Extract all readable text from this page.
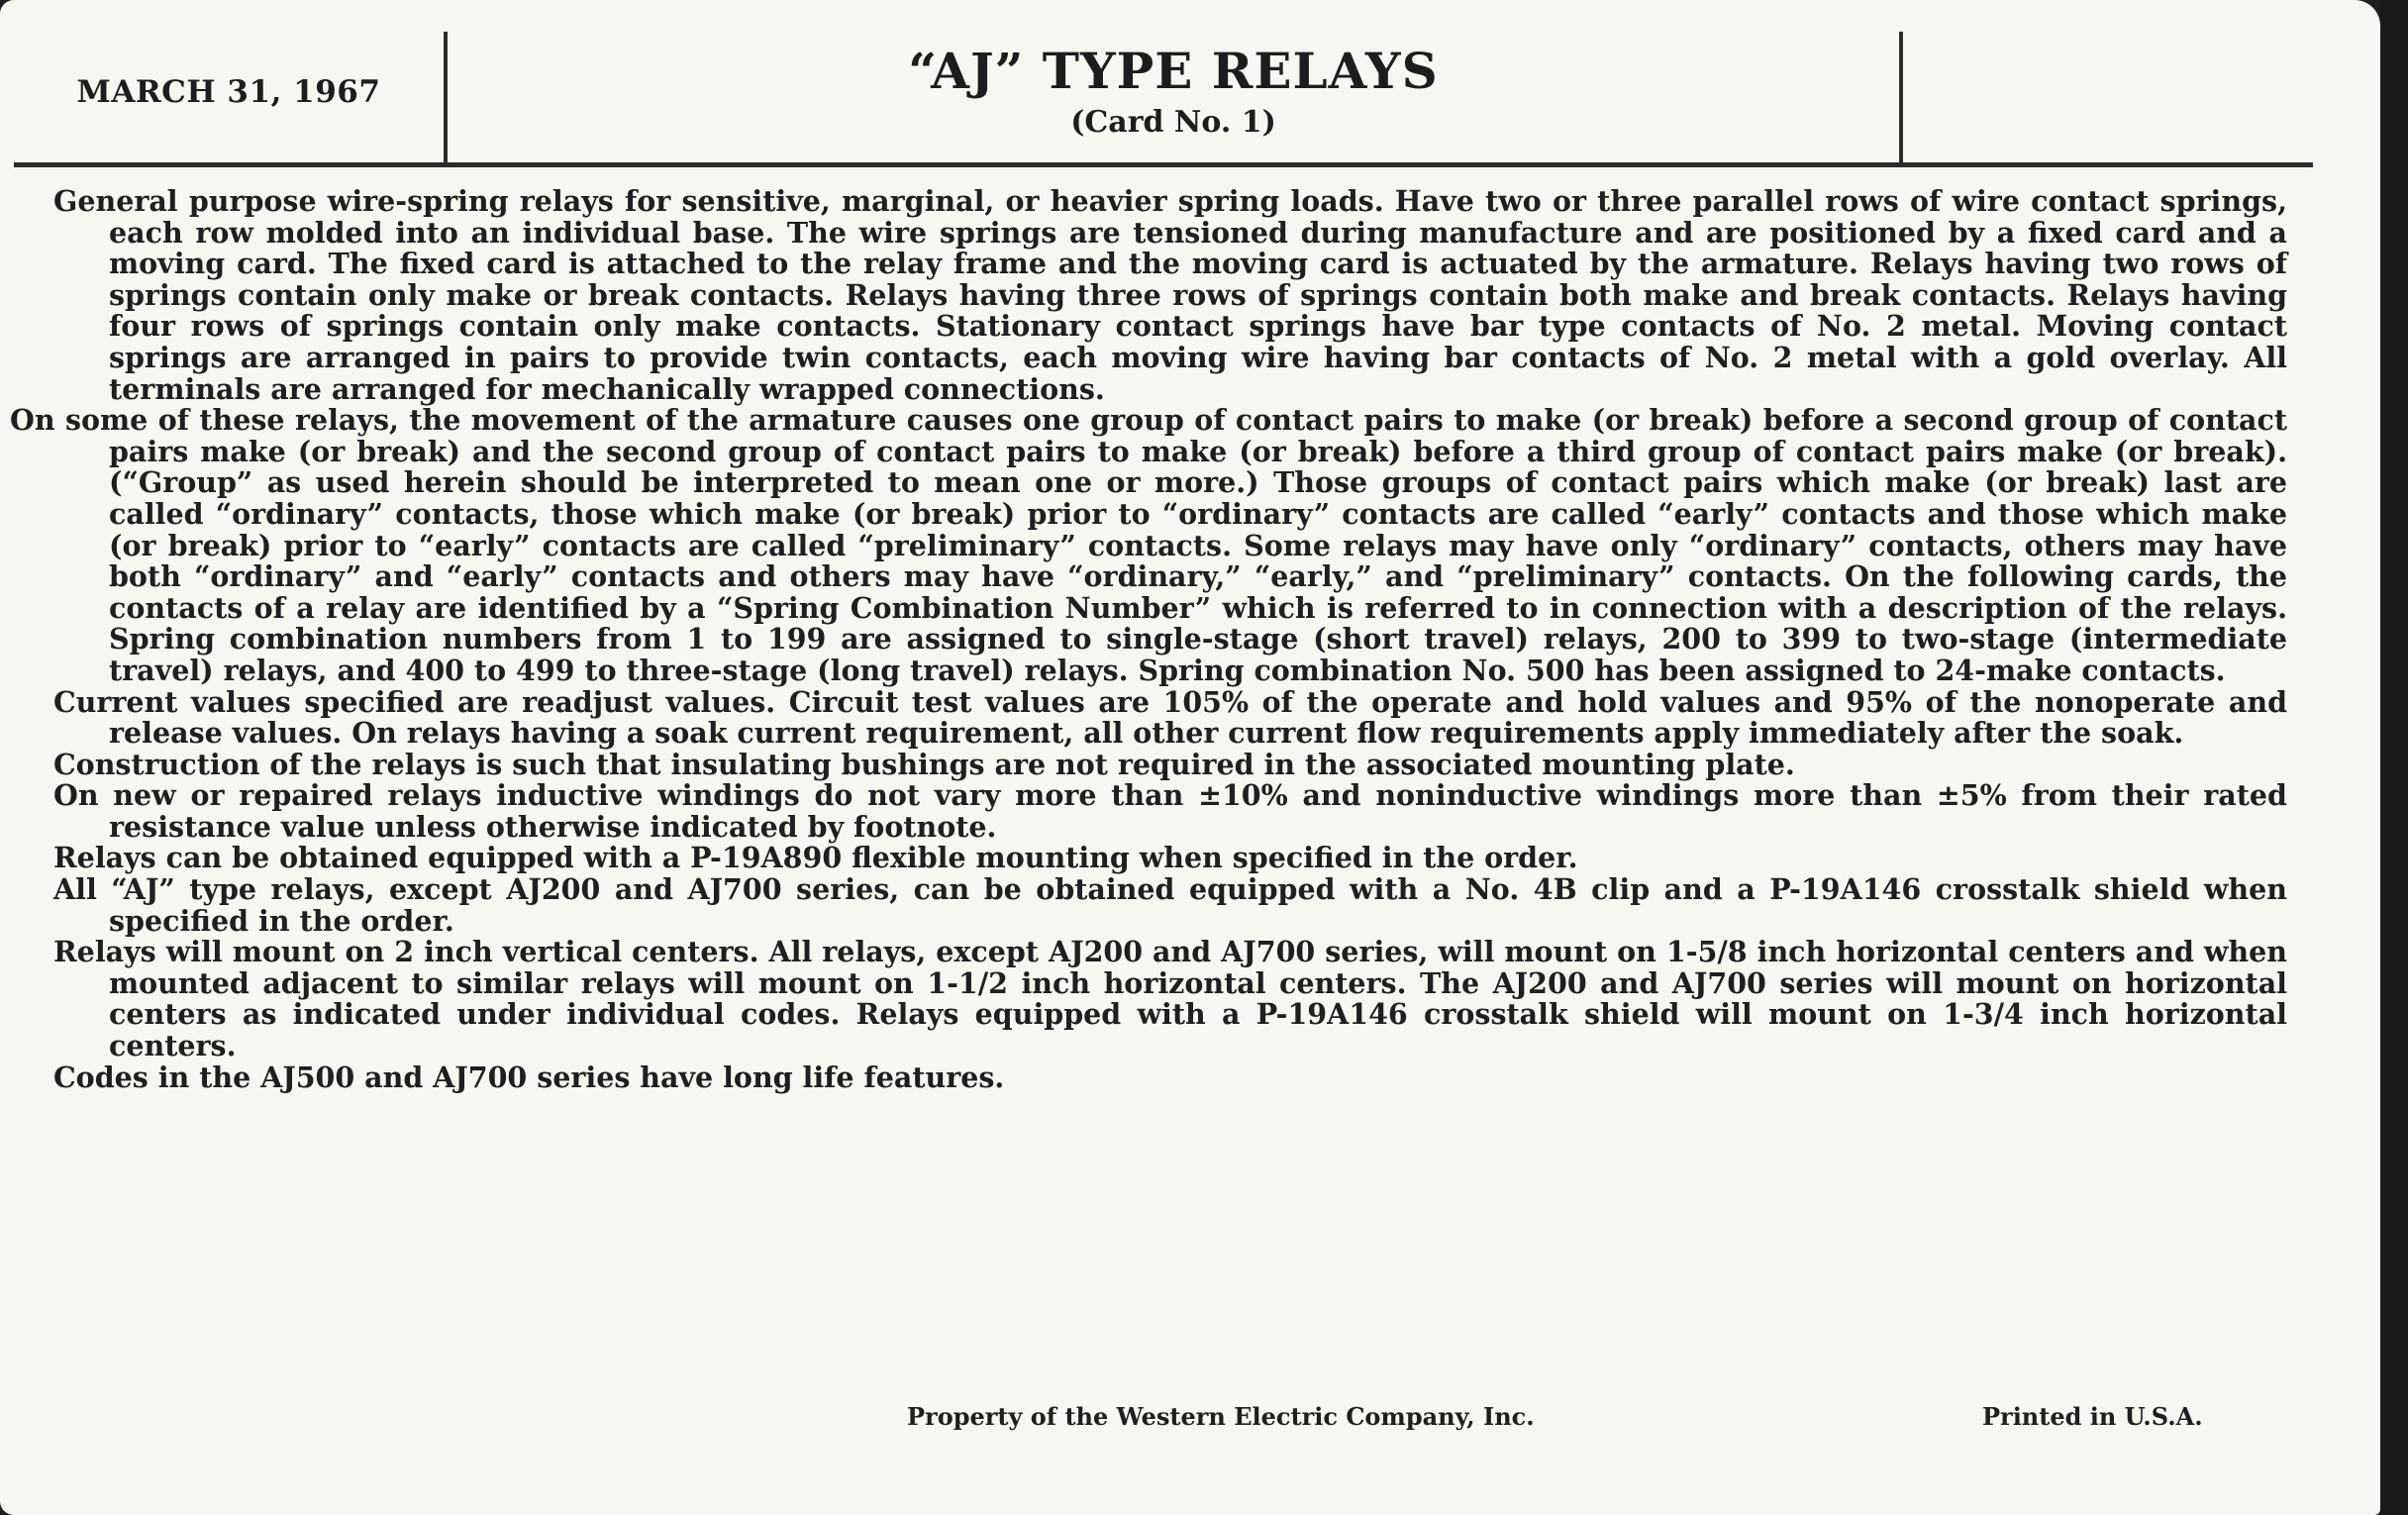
MARCH 31, 1967	“AJ” TYPE RELAYS
(Card No. 1)

General purpose wire-spring relays for sensitive, marginal, or heavier spring loads. Have two or three parallel rows of wire contact springs, each row molded into an individual base. The wire springs are tensioned during manufacture and are positioned by a fixed card and a moving card. The fixed card is attached to the relay frame and the moving card is actuated by the armature. Relays having two rows of springs contain only make or break contacts. Relays having three rows of springs contain both make and break contacts. Relays having four rows of springs contain only make contacts. Stationary contact springs have bar type contacts of No. 2 metal. Moving contact springs are arranged in pairs to provide twin contacts, each moving wire having bar contacts of No. 2 metal with a gold overlay. All terminals are arranged for mechanically wrapped connections.

On some of these relays, the movement of the armature causes one group of contact pairs to make (or break) before a second group of contact pairs make (or break) and the second group of contact pairs to make (or break) before a third group of contact pairs make (or break). (“Group” as used herein should be interpreted to mean one or more.) Those groups of contact pairs which make (or break) last are called “ordinary” contacts, those which make (or break) prior to “ordinary” contacts are called “early” contacts and those which make (or break) prior to “early” contacts are called “preliminary” contacts. Some relays may have only “ordinary” contacts, others may have both “ordinary” and “early” contacts and others may have “ordinary,” “early,” and “preliminary” contacts. On the following cards, the contacts of a relay are identified by a “Spring Combination Number” which is referred to in connection with a description of the relays. Spring combination numbers from 1 to 199 are assigned to single-stage (short travel) relays, 200 to 399 to two-stage (intermediate travel) relays, and 400 to 499 to three-stage (long travel) relays. Spring combination No. 500 has been assigned to 24-make contacts.

Current values specified are readjust values. Circuit test values are 105% of the operate and hold values and 95% of the nonoperate and release values. On relays having a soak current requirement, all other current flow requirements apply immediately after the soak.

Construction of the relays is such that insulating bushings are not required in the associated mounting plate.

On new or repaired relays inductive windings do not vary more than ±10% and noninductive windings more than ±5% from their rated resistance value unless otherwise indicated by footnote.

Relays can be obtained equipped with a P-19A890 flexible mounting when specified in the order.

All “AJ” type relays, except AJ200 and AJ700 series, can be obtained equipped with a No. 4B clip and a P-19A146 crosstalk shield when specified in the order.

Relays will mount on 2 inch vertical centers. All relays, except AJ200 and AJ700 series, will mount on 1-5/8 inch horizontal centers and when mounted adjacent to similar relays will mount on 1-1/2 inch horizontal centers. The AJ200 and AJ700 series will mount on horizontal centers as indicated under individual codes. Relays equipped with a P-19A146 crosstalk shield will mount on 1-3/4 inch horizontal centers.

Codes in the AJ500 and AJ700 series have long life features.

Property of the Western Electric Company, Inc.	Printed in U.S.A.
